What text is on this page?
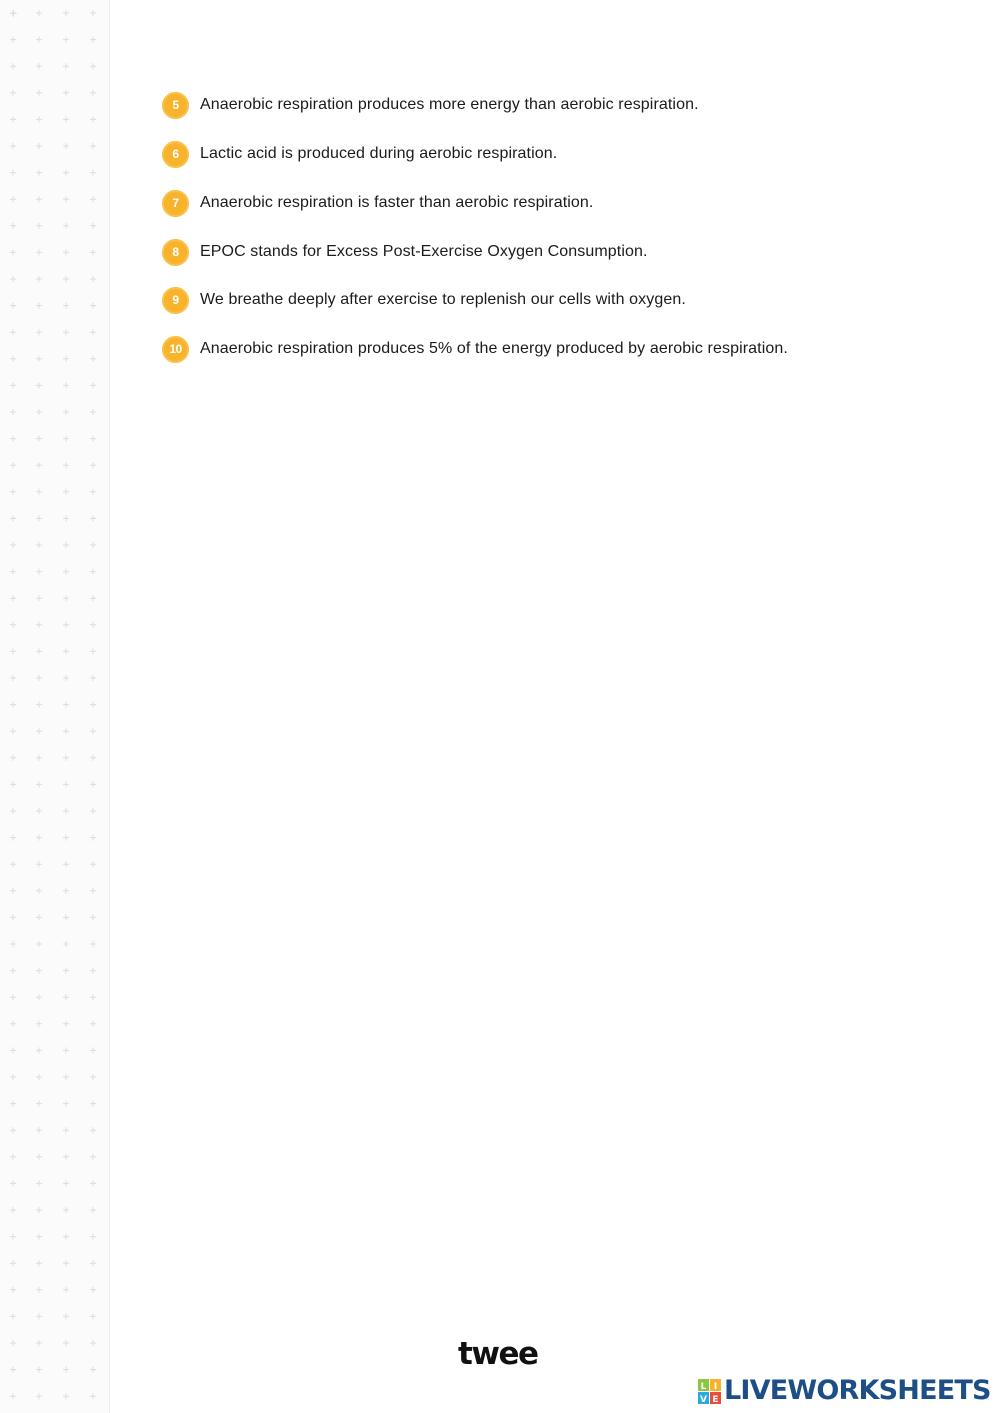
5	Anaerobic respiration produces more energy than aerobic respiration.
6	Lactic acid is produced during aerobic respiration.
7	Anaerobic respiration is faster than aerobic respiration.
8	EPOC stands for Excess Post-Exercise Oxygen Consumption.
9	We breathe deeply after exercise to replenish our cells with oxygen.
10	Anaerobic respiration produces 5% of the energy produced by aerobic respiration.
twee
L I
V E LIVEWORKSHEETS
